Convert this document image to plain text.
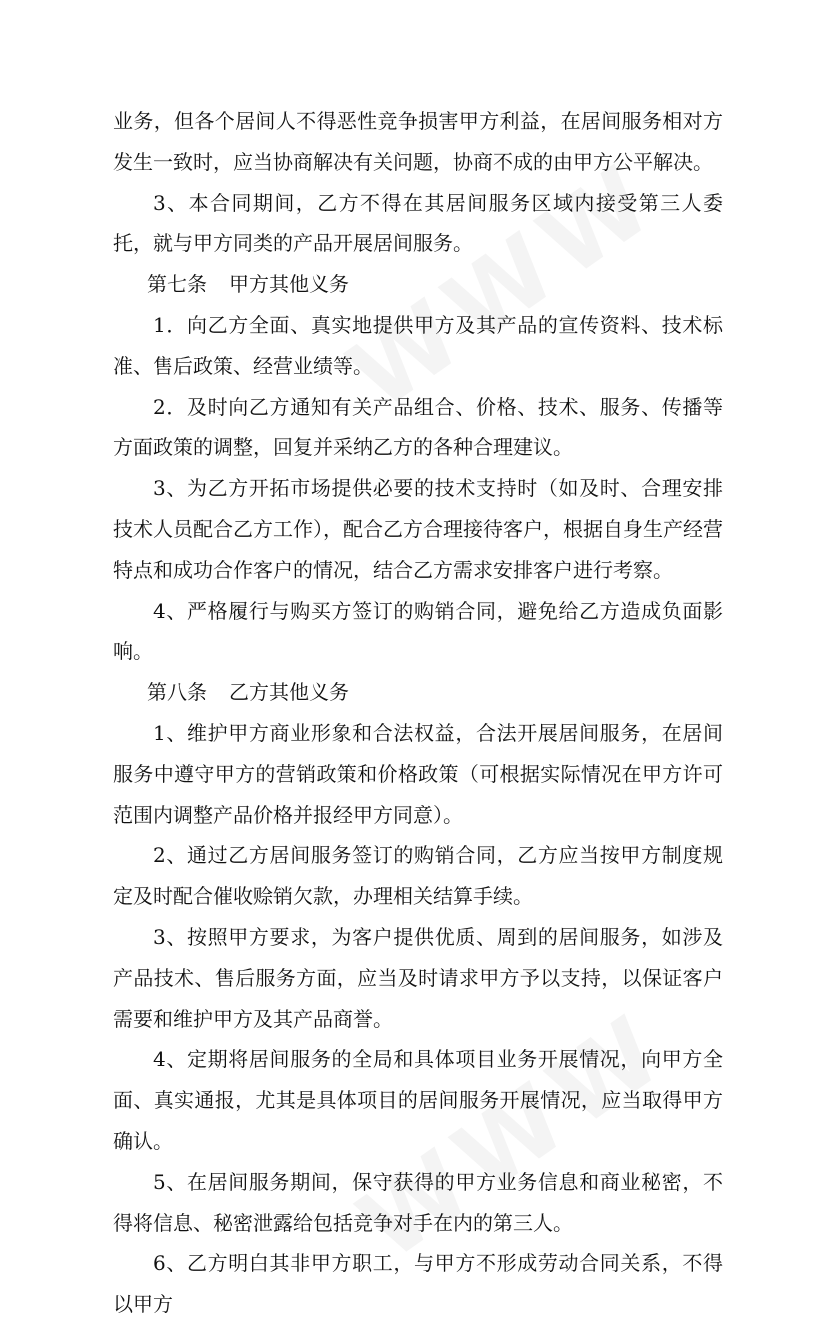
业务，但各个居间人不得恶性竞争损害甲方利益，在居间服务相对方发生一致时，应当协商解决有关问题，协商不成的由甲方公平解决。

3、本合同期间，乙方不得在其居间服务区域内接受第三人委托，就与甲方同类的产品开展居间服务。

第七条 甲方其他义务

1．向乙方全面、真实地提供甲方及其产品的宣传资料、技术标准、售后政策、经营业绩等。

2．及时向乙方通知有关产品组合、价格、技术、服务、传播等方面政策的调整，回复并采纳乙方的各种合理建议。

3、为乙方开拓市场提供必要的技术支持时（如及时、合理安排技术人员配合乙方工作），配合乙方合理接待客户，根据自身生产经营特点和成功合作客户的情况，结合乙方需求安排客户进行考察。

4、严格履行与购买方签订的购销合同，避免给乙方造成负面影响。

第八条 乙方其他义务

1、维护甲方商业形象和合法权益，合法开展居间服务，在居间服务中遵守甲方的营销政策和价格政策（可根据实际情况在甲方许可范围内调整产品价格并报经甲方同意）。

2、通过乙方居间服务签订的购销合同，乙方应当按甲方制度规定及时配合催收赊销欠款，办理相关结算手续。

3、按照甲方要求，为客户提供优质、周到的居间服务，如涉及产品技术、售后服务方面，应当及时请求甲方予以支持，以保证客户需要和维护甲方及其产品商誉。

4、定期将居间服务的全局和具体项目业务开展情况，向甲方全面、真实通报，尤其是具体项目的居间服务开展情况，应当取得甲方确认。

5、在居间服务期间，保守获得的甲方业务信息和商业秘密，不得将信息、秘密泄露给包括竞争对手在内的第三人。

6、乙方明白其非甲方职工，与甲方不形成劳动合同关系，不得以甲方
